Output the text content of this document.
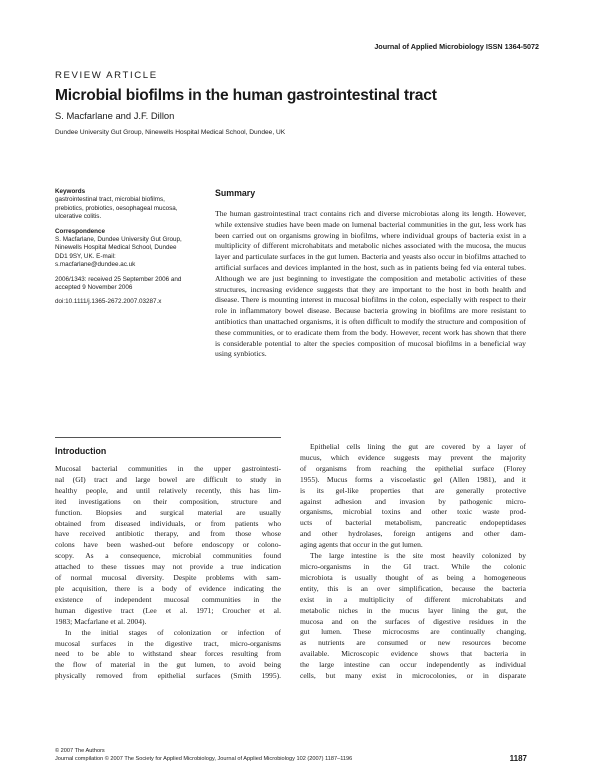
Journal of Applied Microbiology ISSN 1364-5072
REVIEW ARTICLE
Microbial biofilms in the human gastrointestinal tract
S. Macfarlane and J.F. Dillon
Dundee University Gut Group, Ninewells Hospital Medical School, Dundee, UK
Keywords
gastrointestinal tract, microbial biofilms,
prebiotics, probiotics, oesophageal mucosa,
ulcerative colitis.
Correspondence
S. Macfarlane, Dundee University Gut Group,
Ninewells Hospital Medical School, Dundee
DD1 9SY, UK. E-mail:
s.macfarlane@dundee.ac.uk
2006/1343: received 25 September 2006 and
accepted 9 November 2006
doi:10.1111/j.1365-2672.2007.03287.x
Summary
The human gastrointestinal tract contains rich and diverse microbiotas along its length. However, while extensive studies have been made on lumenal bacterial communities in the gut, less work has been carried out on organisms growing in biofilms, where individual groups of bacteria exist in a multiplicity of different microhabitats and metabolic niches associated with the mucosa, the mucus layer and particulate surfaces in the gut lumen. Bacteria and yeasts also occur in biofilms attached to artificial surfaces and devices implanted in the host, such as in patients being fed via enteral tubes. Although we are just beginning to investigate the composition and metabolic activities of these structures, increasing evidence suggests that they are important to the host in both health and disease. There is mounting interest in mucosal biofilms in the colon, especially with respect to their role in inflammatory bowel disease. Because bacteria growing in biofilms are more resistant to antibiotics than unattached organisms, it is often difficult to modify the structure and composition of these communities, or to eradicate them from the body. However, recent work has shown that there is considerable potential to alter the species composition of mucosal biofilms in a beneficial way using synbiotics.
Introduction
Mucosal bacterial communities in the upper gastrointesti-
nal (GI) tract and large bowel are difficult to study in
healthy people, and until relatively recently, this has lim-
ited investigations on their composition, structure and
function. Biopsies and surgical material are usually
obtained from diseased individuals, or from patients who
have received antibiotic therapy, and from those whose
colons have been washed-out before endoscopy or colono-
scopy. As a consequence, microbial communities found
attached to these tissues may not provide a true indication
of normal mucosal diversity. Despite problems with sam-
ple acquisition, there is a body of evidence indicating the
existence of independent mucosal communities in the
human digestive tract (Lee et al. 1971; Croucher et al.
1983; Macfarlane et al. 2004).
In the initial stages of colonization or infection of
mucosal surfaces in the digestive tract, micro-organisms
need to be able to withstand shear forces resulting from
the flow of material in the gut lumen, to avoid being
physically removed from epithelial surfaces (Smith 1995).
Epithelial cells lining the gut are covered by a layer of
mucus, which evidence suggests may prevent the majority
of organisms from reaching the epithelial surface (Florey
1955). Mucus forms a viscoelastic gel (Allen 1981), and it
is its gel-like properties that are generally protective
against adhesion and invasion by pathogenic micro-
organisms, microbial toxins and other toxic waste prod-
ucts of bacterial metabolism, pancreatic endopeptidases
and other hydrolases, foreign antigens and other dam-
aging agents that occur in the gut lumen.
The large intestine is the site most heavily colonized by
micro-organisms in the GI tract. While the colonic
microbiota is usually thought of as being a homogeneous
entity, this is an over simplification, because the bacteria
exist in a multiplicity of different microhabitats and
metabolic niches in the mucus layer lining the gut, the
mucosa and on the surfaces of digestive residues in the
gut lumen. These microcosms are continually changing,
as nutrients are consumed or new resources become
available. Microscopic evidence shows that bacteria in
the large intestine can occur independently as individual
cells, but many exist in microcolonies, or in disparate
© 2007 The Authors
Journal compilation © 2007 The Society for Applied Microbiology, Journal of Applied Microbiology 102 (2007) 1187–1196	1187
